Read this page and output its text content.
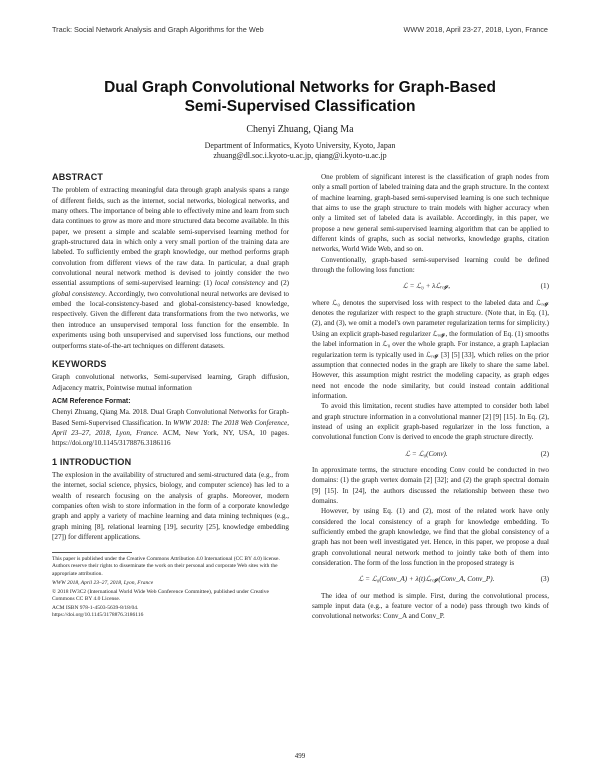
Track: Social Network Analysis and Graph Algorithms for the Web	WWW 2018, April 23-27, 2018, Lyon, France
Dual Graph Convolutional Networks for Graph-Based
Semi-Supervised Classification
Chenyi Zhuang, Qiang Ma
Department of Informatics, Kyoto University, Kyoto, Japan
zhuang@dl.soc.i.kyoto-u.ac.jp, qiang@i.kyoto-u.ac.jp
ABSTRACT

The problem of extracting meaningful data through graph analysis spans a range of different fields, such as the internet, social networks, biological networks, and many others. The importance of being able to effectively mine and learn from such data continues to grow as more and more structured data become available. In this paper, we present a simple and scalable semi-supervised learning method for graph-structured data in which only a very small portion of the training data are labeled. To sufficiently embed the graph knowledge, our method performs graph convolution from different views of the raw data. In particular, a dual graph convolutional neural network method is devised to jointly consider the two essential assumptions of semi-supervised learning: (1) local consistency and (2) global consistency. Accordingly, two convolutional neural networks are devised to embed the local-consistency-based and global-consistency-based knowledge, respectively. Given the different data transformations from the two networks, we then introduce an unsupervised temporal loss function for the ensemble. In experiments using both unsupervised and supervised loss functions, our method outperforms state-of-the-art techniques on different datasets.

KEYWORDS

Graph convolutional networks, Semi-supervised learning, Graph diffusion, Adjacency matrix, Pointwise mutual information

ACM Reference Format:

Chenyi Zhuang, Qiang Ma. 2018. Dual Graph Convolutional Networks for Graph-Based Semi-Supervised Classification. In WWW 2018: The 2018 Web Conference, April 23–27, 2018, Lyon, France. ACM, New York, NY, USA, 10 pages. https://doi.org/10.1145/3178876.3186116

1 INTRODUCTION

The explosion in the availability of structured and semi-structured data (e.g., from the internet, social science, physics, biology, and computer science) has led to a wealth of research focusing on the analysis of graphs. Moreover, modern companies often wish to store information in the form of a corporate knowledge graph and apply a variety of machine learning and data mining techniques (e.g., graph mining [8], relational learning [19], security [25], knowledge embedding [27]) for different applications.

This paper is published under the Creative Commons Attribution 4.0 International (CC BY 4.0) license. Authors reserve their rights to disseminate the work on their personal and corporate Web sites with the appropriate attribution.

WWW 2018, April 23–27, 2018, Lyon, France

© 2018 IW3C2 (International World Wide Web Conference Committee), published under Creative Commons CC BY 4.0 License.

ACM ISBN 978-1-4503-5639-8/18/04.
https://doi.org/10.1145/3178876.3186116

One problem of significant interest is the classification of graph nodes from only a small portion of labeled training data and the graph structure. In the context of machine learning, graph-based semi-supervised learning is one such technique that aims to use the graph structure to train models with higher accuracy when only a limited set of labeled data is available. Accordingly, in this paper, we propose a new general semi-supervised learning algorithm that can be applied to different kinds of graphs, such as social networks, knowledge graphs, citation networks, World Wide Web, and so on.

Conventionally, graph-based semi-supervised learning could be defined through the following loss function:

ℒ = ℒ₀ + λℒᵣₑ𝓰,	(1)

where ℒ₀ denotes the supervised loss with respect to the labeled data and ℒᵣₑ𝓰 denotes the regularizer with respect to the graph structure. (Note that, in Eq. (1), (2), and (3), we omit a model's own parameter regularization terms for simplicity.) Using an explicit graph-based regularizer ℒᵣₑ𝓰, the formulation of Eq. (1) smooths the label information in ℒ₀ over the whole graph. For instance, a graph Laplacian regularization term is typically used in ℒᵣₑ𝓰 [3] [5] [33], which relies on the prior assumption that connected nodes in the graph are likely to share the same label. However, this assumption might restrict the modeling capacity, as graph edges need not encode the node similarity, but could instead contain additional information.

To avoid this limitation, recent studies have attempted to consider both label and graph structure information in a convolutional manner [2] [9] [15]. In Eq. (2), instead of using an explicit graph-based regularizer in the loss function, a convolutional function Conv is derived to encode the graph structure directly.

ℒ = ℒ₀(Conv).	(2)

In approximate terms, the structure encoding Conv could be conducted in two domains: (1) the graph vertex domain [2] [32]; and (2) the graph spectral domain [9] [15]. In [24], the authors discussed the relationship between these two domains.

However, by using Eq. (1) and (2), most of the related work have only considered the local consistency of a graph for knowledge embedding. To sufficiently embed the graph knowledge, we find that the global consistency of a graph has not been well investigated yet. Hence, in this paper, we propose a dual graph convolutional neural network method to jointly take both of them into consideration. The form of the loss function in the proposed strategy is

ℒ = ℒ₀(Conv_A) + λ(t)ℒᵣₑ𝓰(Conv_A, Conv_P).	(3)

The idea of our method is simple. First, during the convolutional process, sample input data (e.g., a feature vector of a node) pass through two kinds of convolutional networks: Conv_A and Conv_P.

499
